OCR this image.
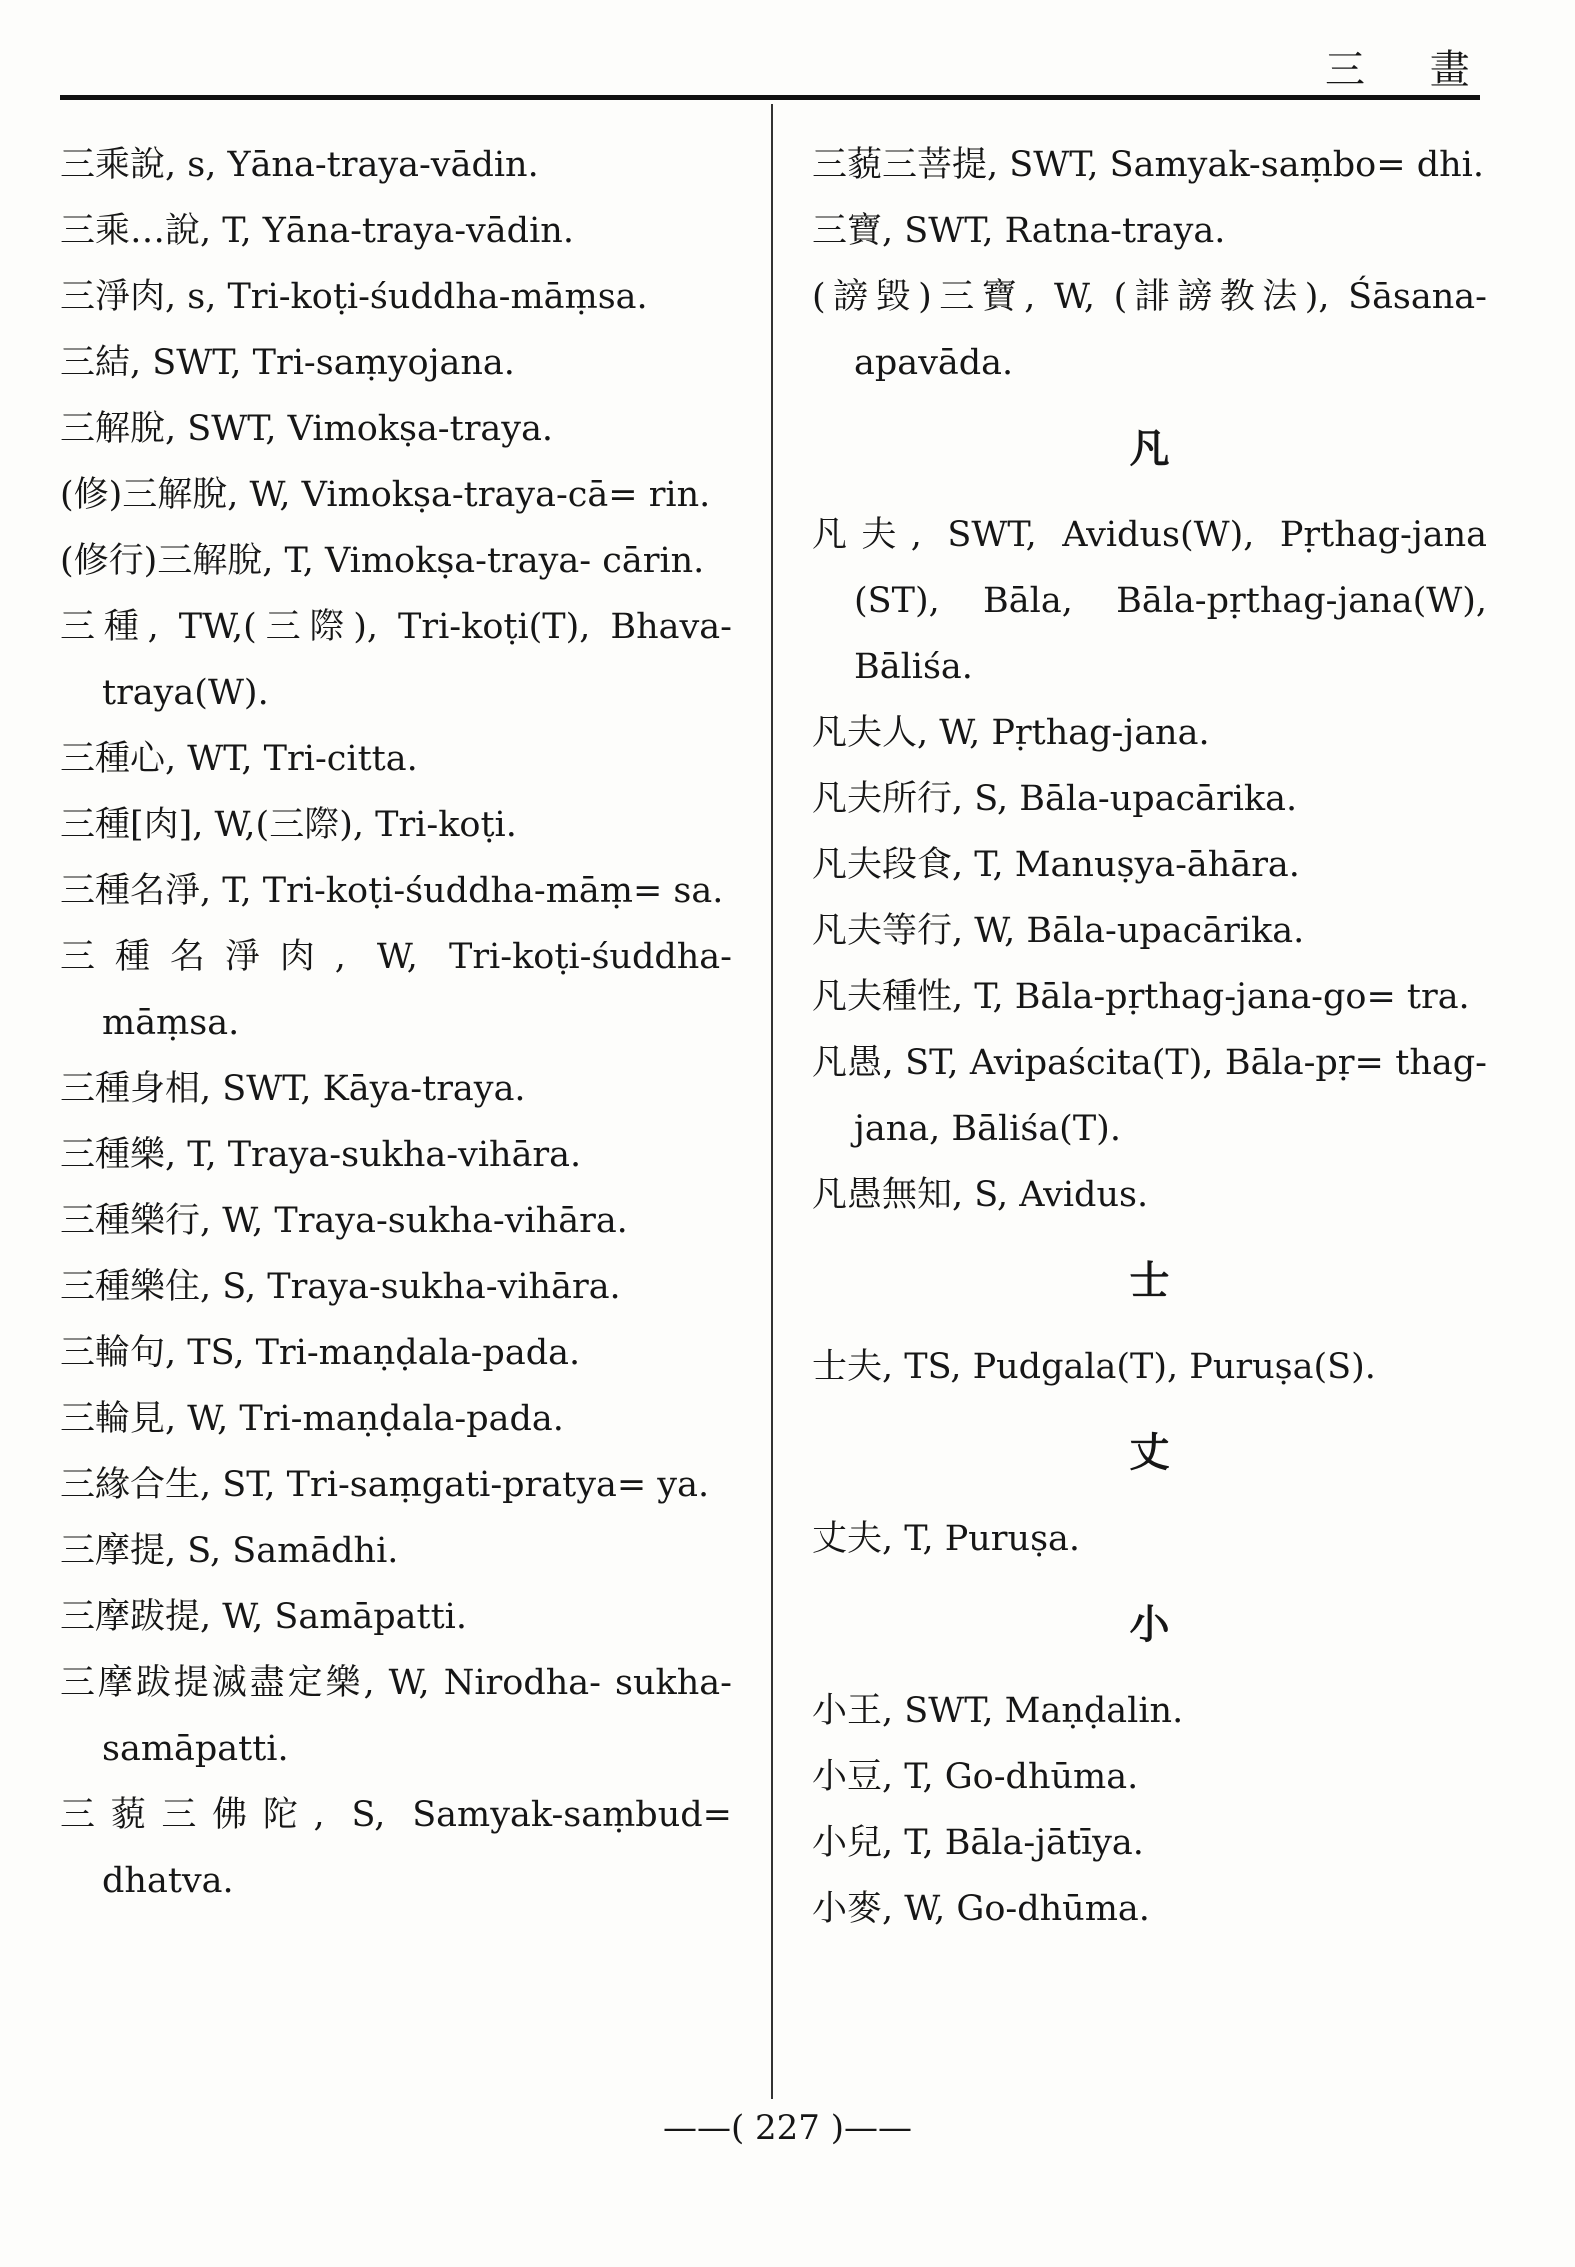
三 畫
三乘說, s, Yāna-traya-vādin.
三乘…說, T, Yāna-traya-vādin.
三淨肉, s, Tri-koṭi-śuddha-māṃsa.
三結, SWT, Tri-saṃyojana.
三解脫, SWT, Vimokṣa-traya.
(修)三解脫, W, Vimokṣa-traya-cā= rin.
(修行)三解脫, T, Vimokṣa-traya- cārin.
三種, TW,(三際), Tri-koṭi(T), Bhava- traya(W).
三種心, WT, Tri-citta.
三種[肉], W,(三際), Tri-koṭi.
三種名淨, T, Tri-koṭi-śuddha-māṃ= sa.
三種名淨肉, W, Tri-koṭi-śuddha- māṃsa.
三種身相, SWT, Kāya-traya.
三種樂, T, Traya-sukha-vihāra.
三種樂行, W, Traya-sukha-vihāra.
三種樂住, S, Traya-sukha-vihāra.
三輪句, TS, Tri-maṇḍala-pada.
三輪見, W, Tri-maṇḍala-pada.
三緣合生, ST, Tri-saṃgati-pratya= ya.
三摩提, S, Samādhi.
三摩跋提, W, Samāpatti.
三摩跋提滅盡定樂, W, Nirodha- sukha-samāpatti.
三藐三佛陀, S, Samyak-saṃbud= dhatva.
三藐三菩提, SWT, Samyak-saṃbo= dhi.
三寶, SWT, Ratna-traya.
(謗毀)三寶, W, (誹謗教法), Śāsana- apavāda.
凡
凡夫, SWT, Avidus(W), Pṛthag-jana (ST), Bāla, Bāla-pṛthag-jana(W), Bāliśa.
凡夫人, W, Pṛthag-jana.
凡夫所行, S, Bāla-upacārika.
凡夫段食, T, Manuṣya-āhāra.
凡夫等行, W, Bāla-upacārika.
凡夫種性, T, Bāla-pṛthag-jana-go= tra.
凡愚, ST, Avipaścita(T), Bāla-pṛ= thag-jana, Bāliśa(T).
凡愚無知, S, Avidus.
士
士夫, TS, Pudgala(T), Puruṣa(S).
丈
丈夫, T, Puruṣa.
小
小王, SWT, Maṇḍalin.
小豆, T, Go-dhūma.
小兒, T, Bāla-jātīya.
小麥, W, Go-dhūma.
——( 227 )——
